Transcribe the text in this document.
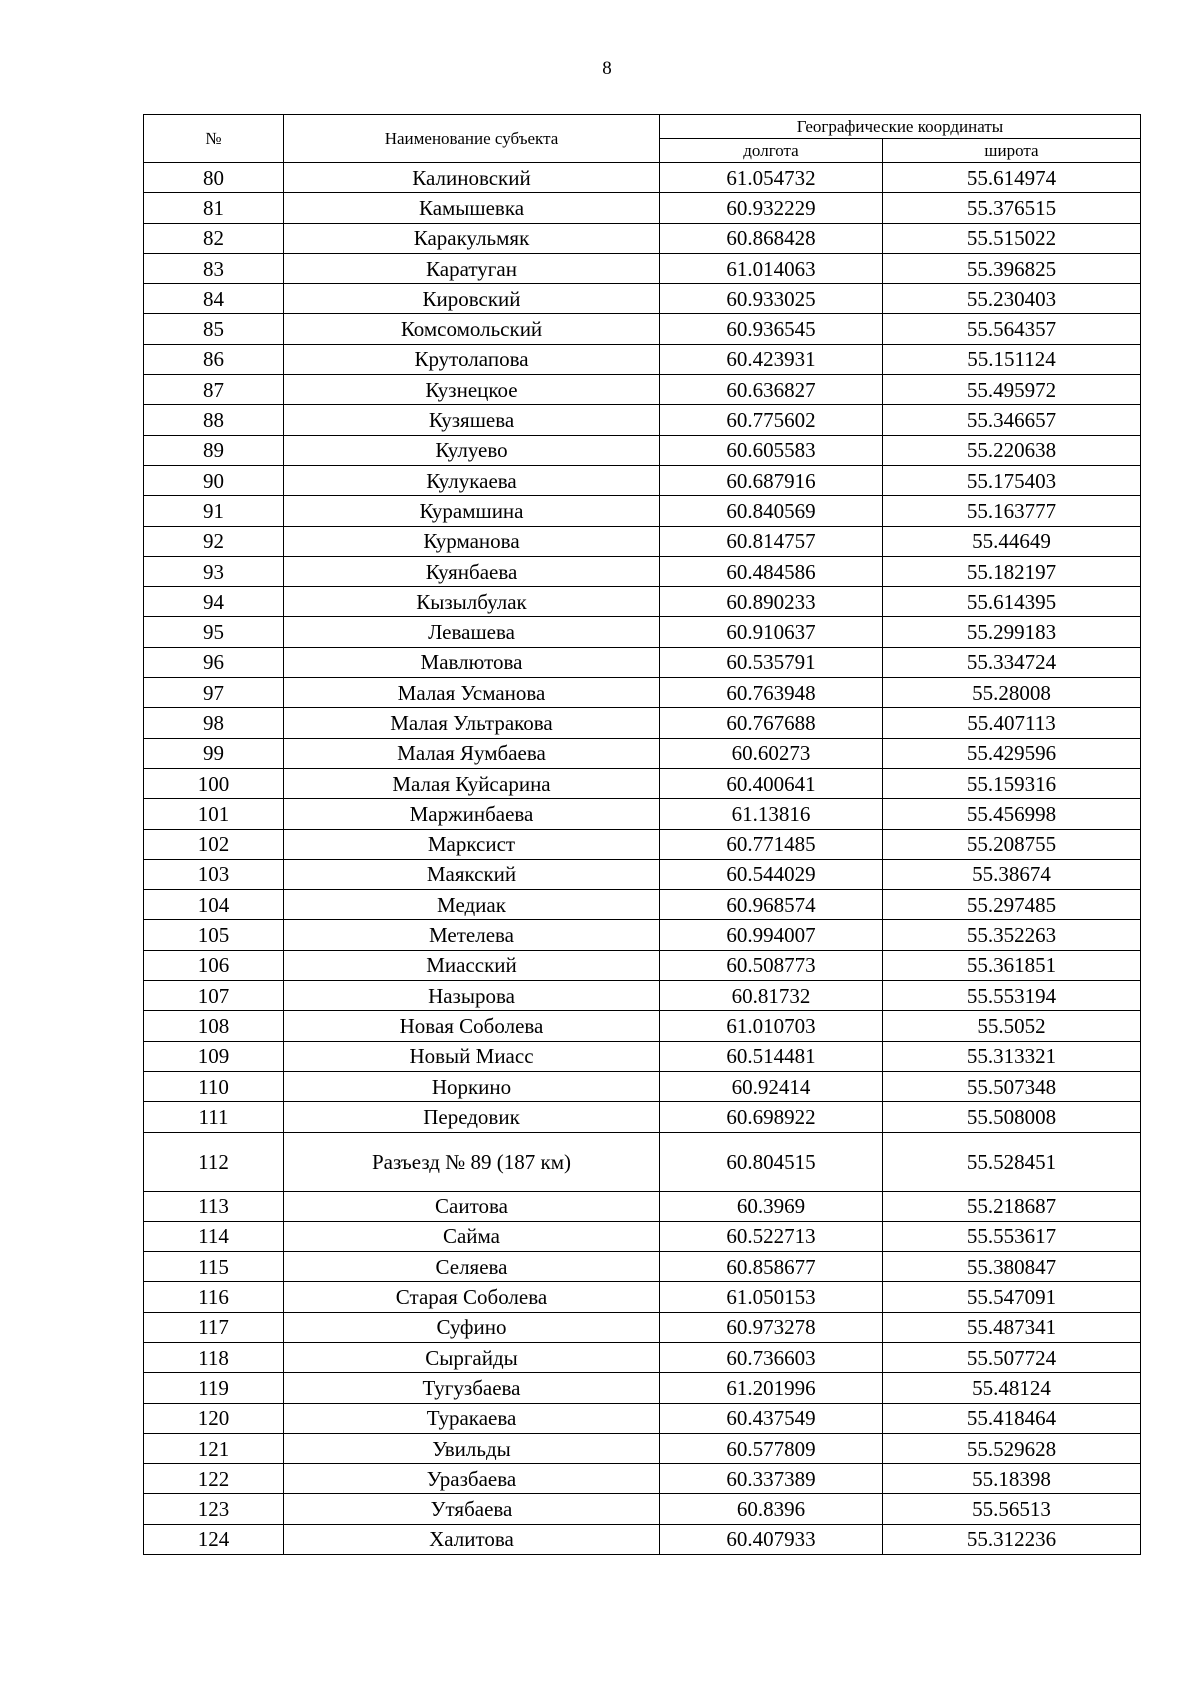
8
№	Наименование субъекта	Географические координаты	
		долгота	широта
80	Калиновский	61.054732	55.614974
81	Камышевка	60.932229	55.376515
82	Каракульмяк	60.868428	55.515022
83	Каратуган	61.014063	55.396825
84	Кировский	60.933025	55.230403
85	Комсомольский	60.936545	55.564357
86	Крутолапова	60.423931	55.151124
87	Кузнецкое	60.636827	55.495972
88	Кузяшева	60.775602	55.346657
89	Кулуево	60.605583	55.220638
90	Кулукаева	60.687916	55.175403
91	Курамшина	60.840569	55.163777
92	Курманова	60.814757	55.44649
93	Куянбаева	60.484586	55.182197
94	Кызылбулак	60.890233	55.614395
95	Левашева	60.910637	55.299183
96	Мавлютова	60.535791	55.334724
97	Малая Усманова	60.763948	55.28008
98	Малая Ультракова	60.767688	55.407113
99	Малая Яумбаева	60.60273	55.429596
100	Малая Куйсарина	60.400641	55.159316
101	Маржинбаева	61.13816	55.456998
102	Марксист	60.771485	55.208755
103	Маякский	60.544029	55.38674
104	Медиак	60.968574	55.297485
105	Метелева	60.994007	55.352263
106	Миасский	60.508773	55.361851
107	Назырова	60.81732	55.553194
108	Новая Соболева	61.010703	55.5052
109	Новый Миасс	60.514481	55.313321
110	Норкино	60.92414	55.507348
111	Передовик	60.698922	55.508008
112	Разъезд № 89 (187 км)	60.804515	55.528451
113	Саитова	60.3969	55.218687
114	Сайма	60.522713	55.553617
115	Селяева	60.858677	55.380847
116	Старая Соболева	61.050153	55.547091
117	Суфино	60.973278	55.487341
118	Сыргайды	60.736603	55.507724
119	Тугузбаева	61.201996	55.48124
120	Туракаева	60.437549	55.418464
121	Увильды	60.577809	55.529628
122	Уразбаева	60.337389	55.18398
123	Утябаева	60.8396	55.56513
124	Халитова	60.407933	55.312236
